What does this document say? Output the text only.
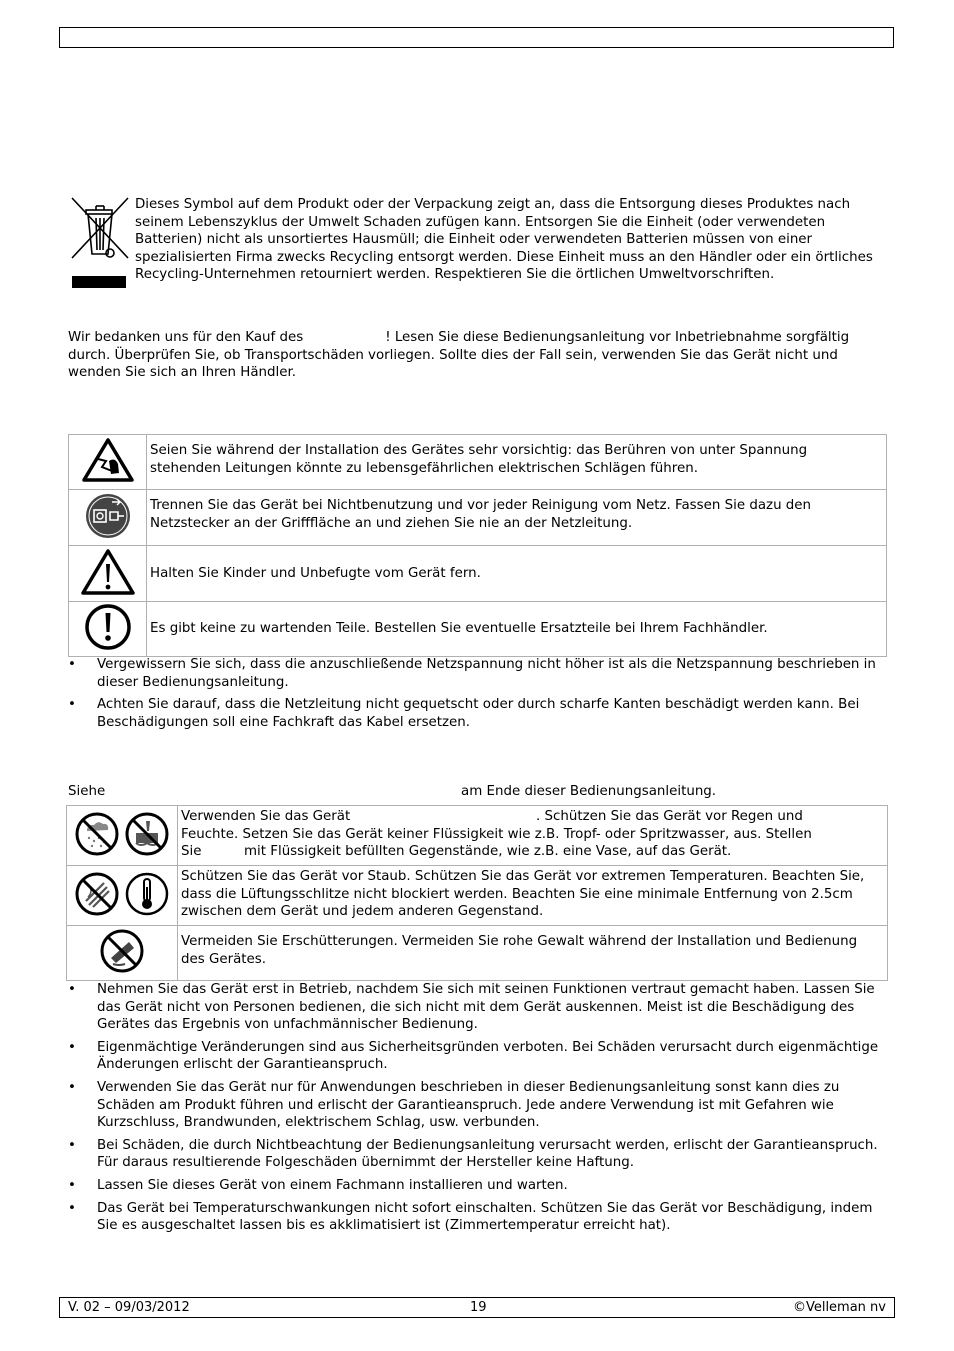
Dieses Symbol auf dem Produkt oder der Verpackung zeigt an, dass die Entsorgung dieses Produktes nach seinem Lebenszyklus der Umwelt Schaden zufügen kann. Entsorgen Sie die Einheit (oder verwendeten Batterien) nicht als unsortiertes Hausmüll; die Einheit oder verwendeten Batterien müssen von einer spezialisierten Firma zwecks Recycling entsorgt werden. Diese Einheit muss an den Händler oder ein örtliches Recycling-Unternehmen retourniert werden. Respektieren Sie die örtlichen Umweltvorschriften.
Wir bedanken uns für den Kauf des	! Lesen Sie diese Bedienungsanleitung vor Inbetriebnahme sorgfältig durch. Überprüfen Sie, ob Transportschäden vorliegen. Sollte dies der Fall sein, verwenden Sie das Gerät nicht und wenden Sie sich an Ihren Händler.
	Seien Sie während der Installation des Gerätes sehr vorsichtig: das Berühren von unter Spannung stehenden Leitungen könnte zu lebensgefährlichen elektrischen Schlägen führen.
	Trennen Sie das Gerät bei Nichtbenutzung und vor jeder Reinigung vom Netz. Fassen Sie dazu den Netzstecker an der Grifffläche an und ziehen Sie nie an der Netzleitung.
	Halten Sie Kinder und Unbefugte vom Gerät fern.
	Es gibt keine zu wartenden Teile. Bestellen Sie eventuelle Ersatzteile bei Ihrem Fachhändler.
• Vergewissern Sie sich, dass die anzuschließende Netzspannung nicht höher ist als die Netzspannung beschrieben in dieser Bedienungsanleitung.
• Achten Sie darauf, dass die Netzleitung nicht gequetscht oder durch scharfe Kanten beschädigt werden kann. Bei Beschädigungen soll eine Fachkraft das Kabel ersetzen.
Siehe	am Ende dieser Bedienungsanleitung.

Verwenden Sie das Gerät . Schützen Sie das Gerät vor Regen und
Feuchte. Setzen Sie das Gerät keiner Flüssigkeit wie z.B. Tropf- oder Spritzwasser, aus. Stellen
Sie mit Flüssigkeit befüllten Gegenstände, wie z.B. eine Vase, auf das Gerät.

	Schützen Sie das Gerät vor Staub. Schützen Sie das Gerät vor extremen Temperaturen. Beachten Sie, dass die Lüftungsschlitze nicht blockiert werden. Beachten Sie eine minimale Entfernung von 2.5cm zwischen dem Gerät und jedem anderen Gegenstand.
	Vermeiden Sie Erschütterungen. Vermeiden Sie rohe Gewalt während der Installation und Bedienung des Gerätes.
• Nehmen Sie das Gerät erst in Betrieb, nachdem Sie sich mit seinen Funktionen vertraut gemacht haben. Lassen Sie das Gerät nicht von Personen bedienen, die sich nicht mit dem Gerät auskennen. Meist ist die Beschädigung des Gerätes das Ergebnis von unfachmännischer Bedienung.
• Eigenmächtige Veränderungen sind aus Sicherheitsgründen verboten. Bei Schäden verursacht durch eigenmächtige Änderungen erlischt der Garantieanspruch.
• Verwenden Sie das Gerät nur für Anwendungen beschrieben in dieser Bedienungsanleitung sonst kann dies zu Schäden am Produkt führen und erlischt der Garantieanspruch. Jede andere Verwendung ist mit Gefahren wie Kurzschluss, Brandwunden, elektrischem Schlag, usw. verbunden.
• Bei Schäden, die durch Nichtbeachtung der Bedienungsanleitung verursacht werden, erlischt der Garantieanspruch. Für daraus resultierende Folgeschäden übernimmt der Hersteller keine Haftung.
• Lassen Sie dieses Gerät von einem Fachmann installieren und warten.
• Das Gerät bei Temperaturschwankungen nicht sofort einschalten. Schützen Sie das Gerät vor Beschädigung, indem Sie es ausgeschaltet lassen bis es akklimatisiert ist (Zimmertemperatur erreicht hat).
V. 02 – 09/03/2012	19	©Velleman nv
